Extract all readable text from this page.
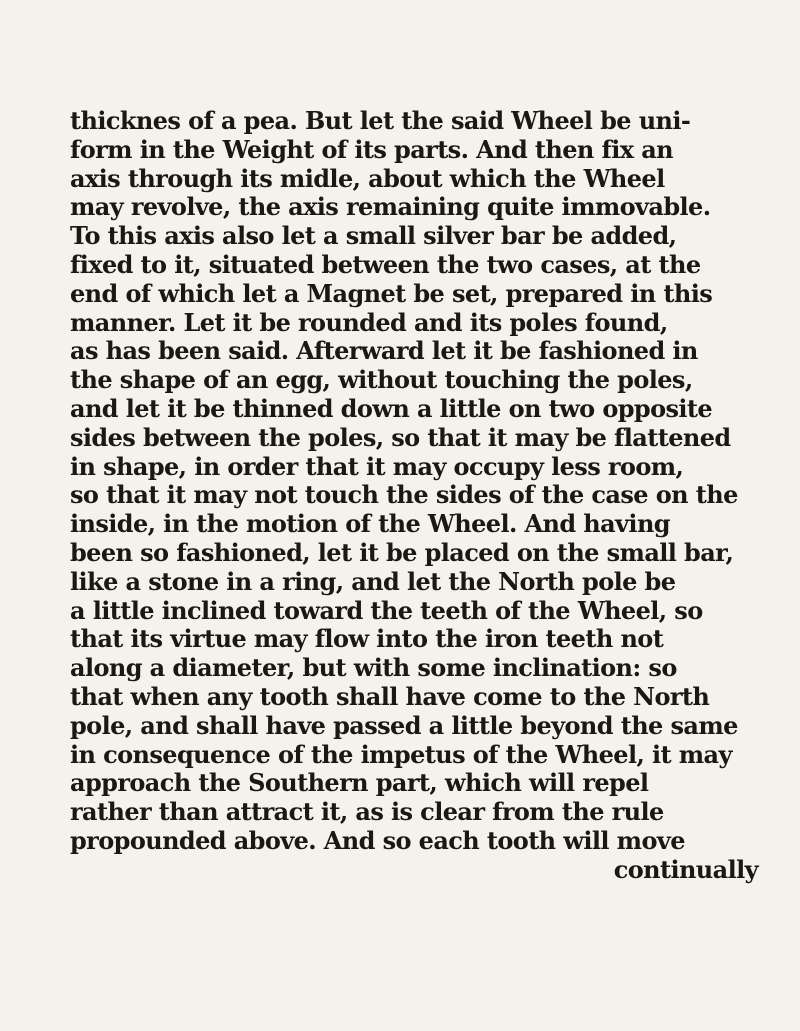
thicknes of a pea. But let the said Wheel be uni-
form in the Weight of its parts. And then fix an
axis through its midle, about which the Wheel
may revolve, the axis remaining quite immovable.
To this axis also let a small silver bar be added,
fixed to it, situated between the two cases, at the
end of which let a Magnet be set, prepared in this
manner. Let it be rounded and its poles found,
as has been said. Afterward let it be fashioned in
the shape of an egg, without touching the poles,
and let it be thinned down a little on two opposite
sides between the poles, so that it may be flattened
in shape, in order that it may occupy less room,
so that it may not touch the sides of the case on the
inside, in the motion of the Wheel. And having
been so fashioned, let it be placed on the small bar,
like a stone in a ring, and let the North pole be
a little inclined toward the teeth of the Wheel, so
that its virtue may flow into the iron teeth not
along a diameter, but with some inclination: so
that when any tooth shall have come to the North
pole, and shall have passed a little beyond the same
in consequence of the impetus of the Wheel, it may
approach the Southern part, which will repel
rather than attract it, as is clear from the rule
propounded above. And so each tooth will move
continually
